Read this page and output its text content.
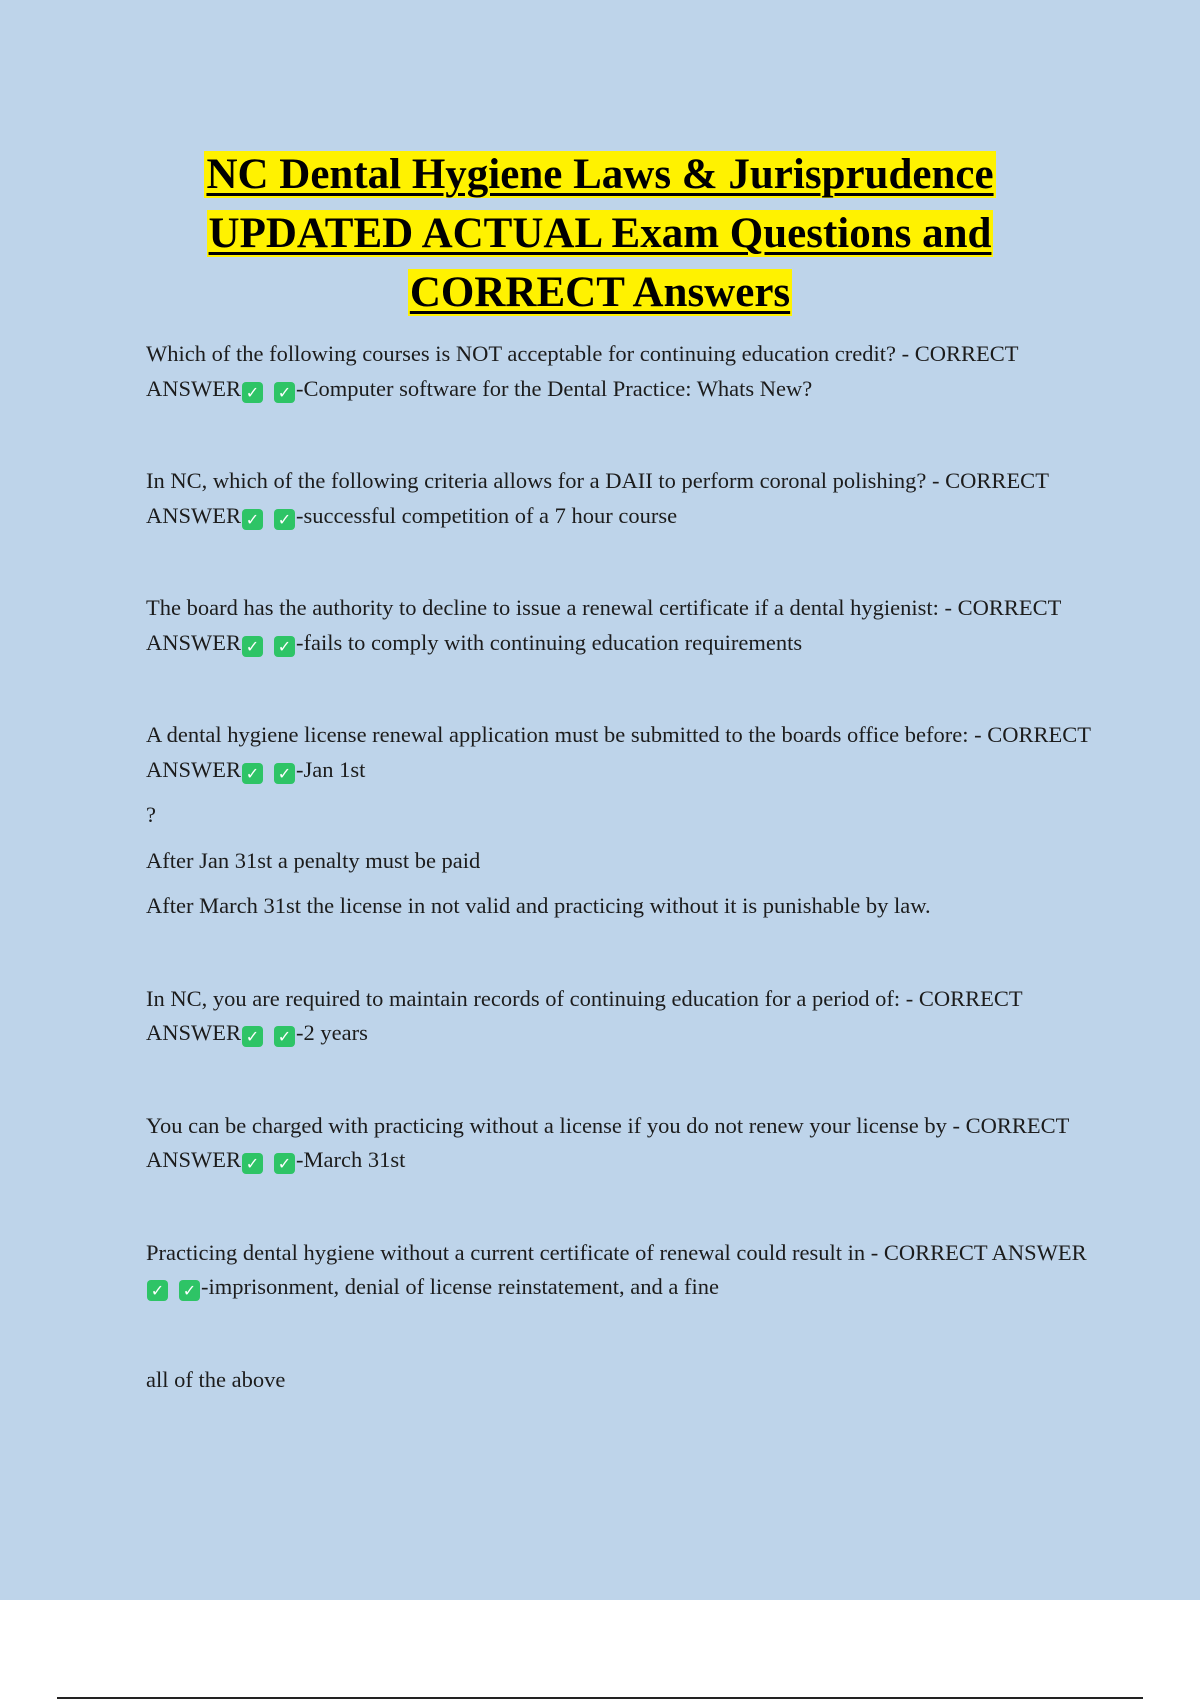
NC Dental Hygiene Laws & Jurisprudence
UPDATED ACTUAL Exam Questions and
CORRECT Answers
Which of the following courses is NOT acceptable for continuing education credit? - CORRECT ANSWER ✓ ✓ -Computer software for the Dental Practice: Whats New?
In NC, which of the following criteria allows for a DAII to perform coronal polishing? - CORRECT ANSWER ✓ ✓ -successful competition of a 7 hour course
The board has the authority to decline to issue a renewal certificate if a dental hygienist: - CORRECT ANSWER ✓ ✓ -fails to comply with continuing education requirements
A dental hygiene license renewal application must be submitted to the boards office before: - CORRECT ANSWER ✓ ✓ -Jan 1st

?

After Jan 31st a penalty must be paid

After March 31st the license in not valid and practicing without it is punishable by law.

In NC, you are required to maintain records of continuing education for a period of: - CORRECT ANSWER ✓ ✓ -2 years
You can be charged with practicing without a license if you do not renew your license by - CORRECT ANSWER ✓ ✓ -March 31st
Practicing dental hygiene without a current certificate of renewal could result in - CORRECT ANSWER✓ ✓ -imprisonment, denial of license reinstatement, and a fine

all of the above
